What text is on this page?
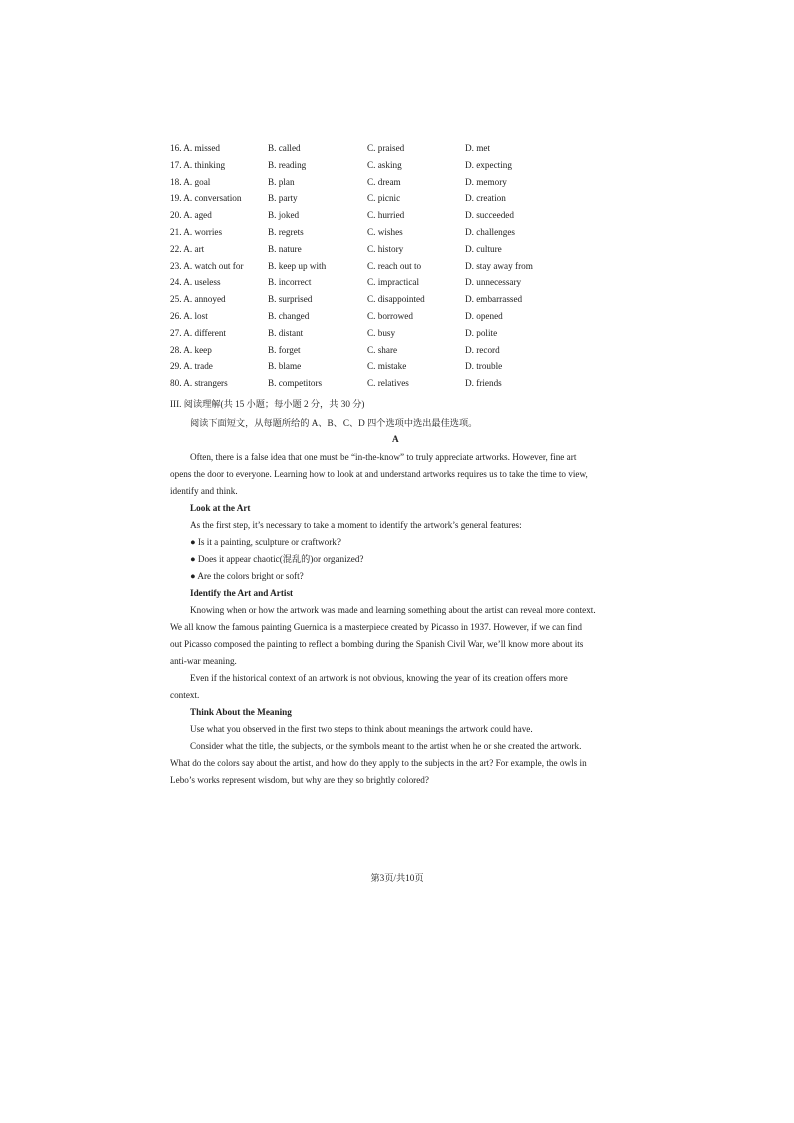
16. A. missed	B. called	C. praised	D. met
17. A. thinking	B. reading	C. asking	D. expecting
18. A. goal	B. plan	C. dream	D. memory
19. A. conversation	B. party	C. picnic	D. creation
20. A. aged	B. joked	C. hurried	D. succeeded
21. A. worries	B. regrets	C. wishes	D. challenges
22. A. art	B. nature	C. history	D. culture
23. A. watch out for	B. keep up with	C. reach out to	D. stay away from
24. A. useless	B. incorrect	C. impractical	D. unnecessary
25. A. annoyed	B. surprised	C. disappointed	D. embarrassed
26. A. lost	B. changed	C. borrowed	D. opened
27. A. different	B. distant	C. busy	D. polite
28. A. keep	B. forget	C. share	D. record
29. A. trade	B. blame	C. mistake	D. trouble
80. A. strangers	B. competitors	C. relatives	D. friends
III. 阅读理解(共 15 小题；每小题 2 分，共 30 分)
阅读下面短文，从每题所给的 A、B、C、D 四个选项中选出最佳选项。
A
Often, there is a false idea that one must be “in-the-know” to truly appreciate artworks. However, fine art
opens the door to everyone. Learning how to look at and understand artworks requires us to take the time to view,
identify and think.
Look at the Art
As the first step, it’s necessary to take a moment to identify the artwork’s general features:
● Is it a painting, sculpture or craftwork?
● Does it appear chaotic(混乱的)or organized?
● Are the colors bright or soft?
Identify the Art and Artist
Knowing when or how the artwork was made and learning something about the artist can reveal more context.
We all know the famous painting Guernica is a masterpiece created by Picasso in 1937. However, if we can find
out Picasso composed the painting to reflect a bombing during the Spanish Civil War, we’ll know more about its
anti-war meaning.
Even if the historical context of an artwork is not obvious, knowing the year of its creation offers more
context.
Think About the Meaning
Use what you observed in the first two steps to think about meanings the artwork could have.
Consider what the title, the subjects, or the symbols meant to the artist when he or she created the artwork.
What do the colors say about the artist, and how do they apply to the subjects in the art? For example, the owls in
Lebo’s works represent wisdom, but why are they so brightly colored?
第3页/共10页
